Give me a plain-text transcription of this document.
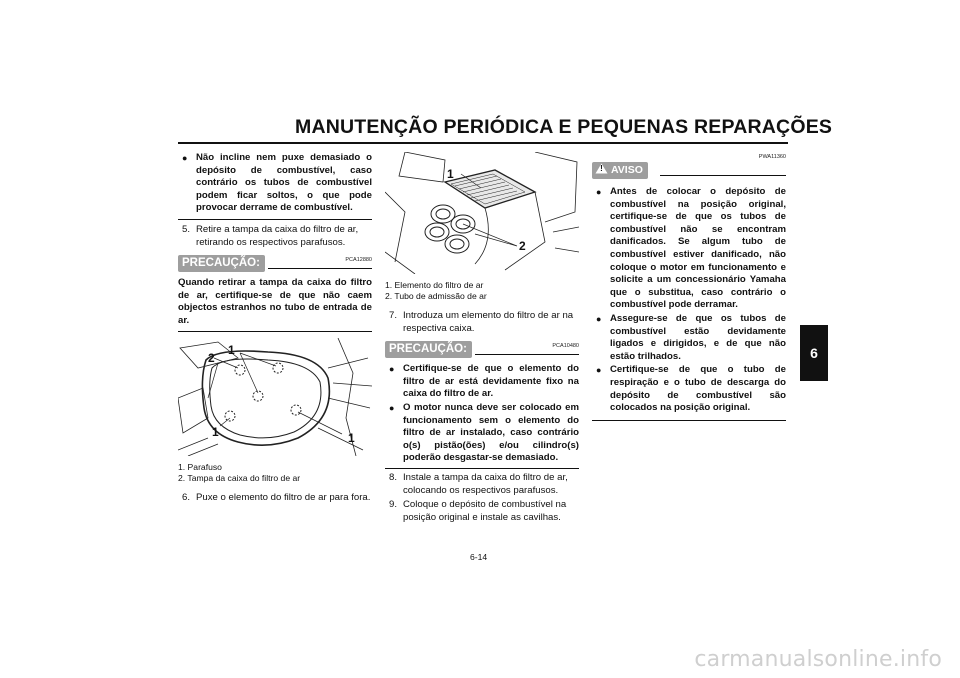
MANUTENÇÃO PERIÓDICA E PEQUENAS REPARAÇÕES
6
● Não incline nem puxe demasiado o depósito de combustível, caso contrário os tubos de combustível podem ficar soltos, o que pode provocar derrame de combustível.
5. Retire a tampa da caixa do filtro de ar, retirando os respectivos parafusos.
PRECAUÇÃO:	PCA12880
Quando retirar a tampa da caixa do filtro de ar, certifique-se de que não caem objectos estranhos no tubo de entrada de ar.
2
1
1	1
1. Parafuso
2. Tampa da caixa do filtro de ar
6. Puxe o elemento do filtro de ar para fora.
1
2
1. Elemento do filtro de ar
2. Tubo de admissão de ar
7. Introduza um elemento do filtro de ar na respectiva caixa.
PRECAUÇÃO:	PCA10480
● Certifique-se de que o elemento do filtro de ar está devidamente fixo na caixa do filtro de ar.
● O motor nunca deve ser colocado em funcionamento sem o elemento do filtro de ar instalado, caso contrário o(s) pistão(ões) e/ou cilindro(s) poderão desgastar-se demasiado.
8. Instale a tampa da caixa do filtro de ar, colocando os respectivos parafusos.
9. Coloque o depósito de combustível na posição original e instale as cavilhas.
PWA11360
! AVISO
● Antes de colocar o depósito de combustível na posição original, certifique-se de que os tubos de combustível não se encontram danificados. Se algum tubo de combustível estiver danificado, não coloque o motor em funcionamento e solicite a um concessionário Yamaha que o substitua, caso contrário o combustível pode derramar.
● Assegure-se de que os tubos de combustível estão devidamente ligados e dirigidos, e de que não estão trilhados.
● Certifique-se de que o tubo de respiração e o tubo de descarga do depósito de combustível são colocados na posição original.
6-14
carmanualsonline.info
